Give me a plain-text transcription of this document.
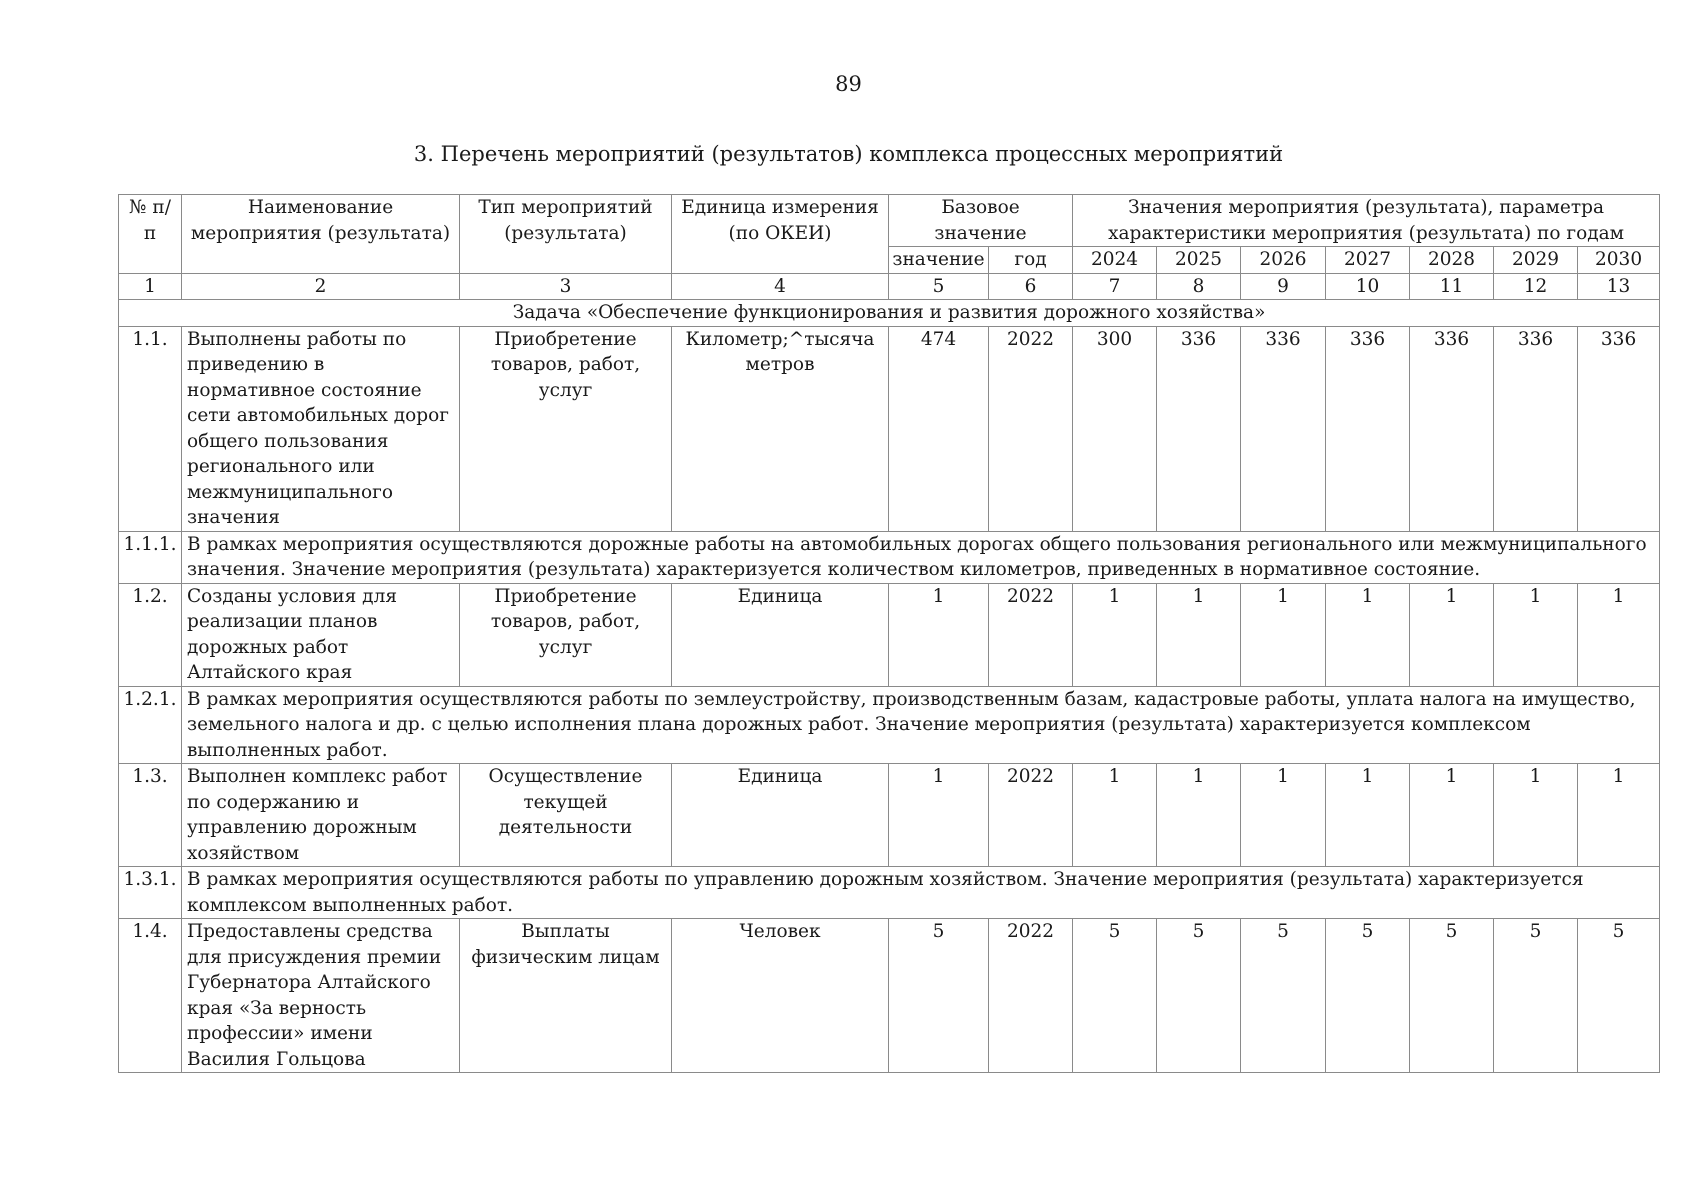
89
3. Перечень мероприятий (результатов) комплекса процессных мероприятий
№ п/п	Наименование мероприятия (результата)	Тип мероприятий (результата)	Единица измерения (по ОКЕИ)	Базовое значение		Значения мероприятия (результата), параметра характеристики мероприятия (результата) по годам						
				значение	год	2024	2025	2026	2027	2028	2029	2030
1	2	3	4	5	6	7	8	9	10	11	12	13
Задача «Обеспечение функционирования и развития дорожного хозяйства»												
1.1.	Выполнены работы по приведению в нормативное состояние сети автомобильных дорог общего пользования регионального или межмуниципального значения	Приобретение товаров, работ, услуг	Километр;^тысяча метров	474	2022	300	336	336	336	336	336	336
1.1.1.	В рамках мероприятия осуществляются дорожные работы на автомобильных дорогах общего пользования регионального или межмуниципального значения. Значение мероприятия (результата) характеризуется количеством километров, приведенных в нормативное состояние.											
1.2.	Созданы условия для реализации планов дорожных работ Алтайского края	Приобретение товаров, работ, услуг	Единица	1	2022	1	1	1	1	1	1	1
1.2.1.	В рамках мероприятия осуществляются работы по землеустройству, производственным базам, кадастровые работы, уплата налога на имущество, земельного налога и др. с целью исполнения плана дорожных работ. Значение мероприятия (результата) характеризуется комплексом выполненных работ.											
1.3.	Выполнен комплекс работ по содержанию и управлению дорожным хозяйством	Осуществление текущей деятельности	Единица	1	2022	1	1	1	1	1	1	1
1.3.1.	В рамках мероприятия осуществляются работы по управлению дорожным хозяйством. Значение мероприятия (результата) характеризуется комплексом выполненных работ.											
1.4.	Предоставлены средства для присуждения премии Губернатора Алтайского края «За верность профессии» имени Василия Гольцова	Выплаты физическим лицам	Человек	5	2022	5	5	5	5	5	5	5
